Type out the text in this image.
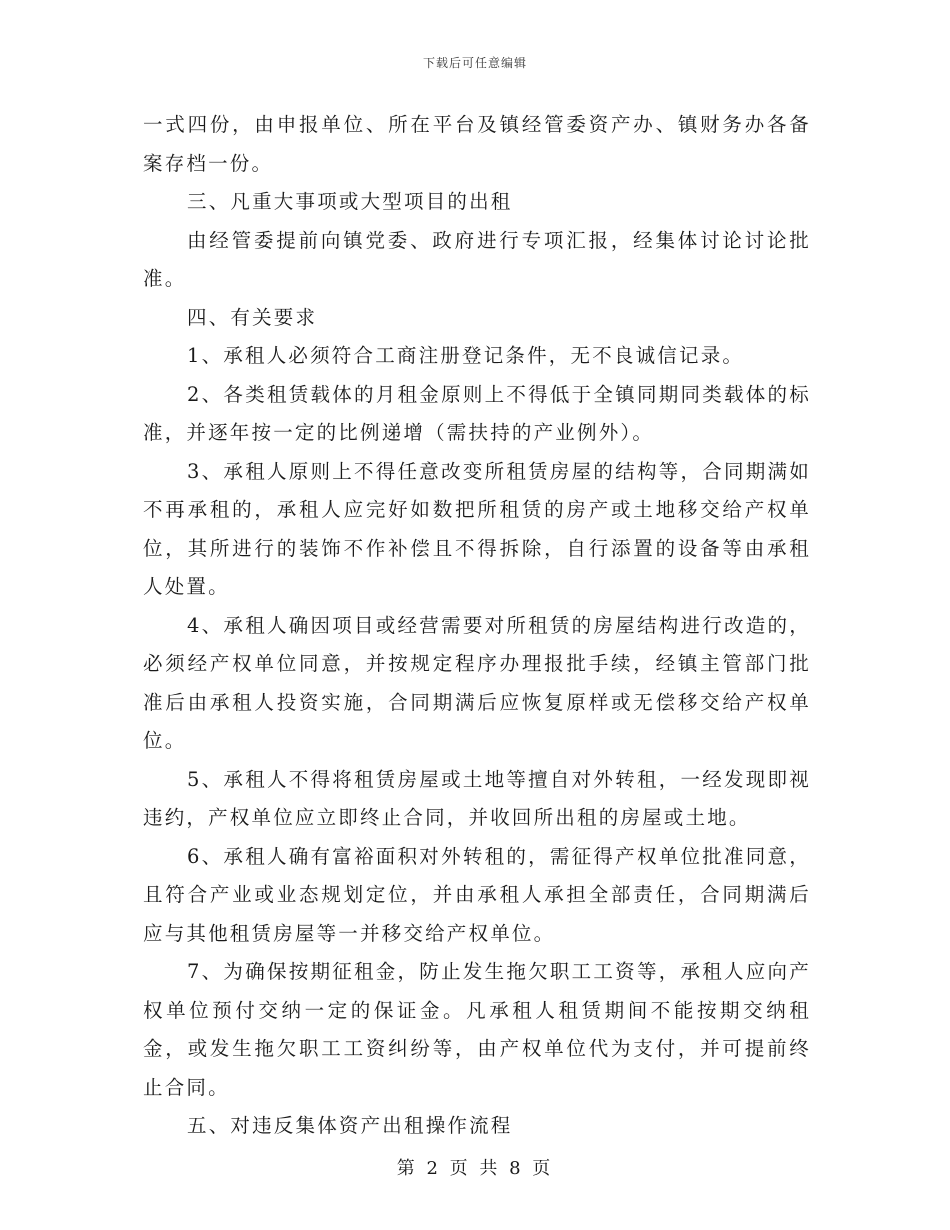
下载后可任意编辑

一式四份，由申报单位、所在平台及镇经管委资产办、镇财务办各备案存档一份。

三、凡重大事项或大型项目的出租

由经管委提前向镇党委、政府进行专项汇报，经集体讨论讨论批准。

四、有关要求

1、承租人必须符合工商注册登记条件，无不良诚信记录。

2、各类租赁载体的月租金原则上不得低于全镇同期同类载体的标准，并逐年按一定的比例递增（需扶持的产业例外）。

3、承租人原则上不得任意改变所租赁房屋的结构等，合同期满如不再承租的，承租人应完好如数把所租赁的房产或土地移交给产权单位，其所进行的装饰不作补偿且不得拆除，自行添置的设备等由承租人处置。

4、承租人确因项目或经营需要对所租赁的房屋结构进行改造的，必须经产权单位同意，并按规定程序办理报批手续，经镇主管部门批准后由承租人投资实施，合同期满后应恢复原样或无偿移交给产权单位。

5、承租人不得将租赁房屋或土地等擅自对外转租，一经发现即视违约，产权单位应立即终止合同，并收回所出租的房屋或土地。

6、承租人确有富裕面积对外转租的，需征得产权单位批准同意，且符合产业或业态规划定位，并由承租人承担全部责任，合同期满后应与其他租赁房屋等一并移交给产权单位。

7、为确保按期征租金，防止发生拖欠职工工资等，承租人应向产权单位预付交纳一定的保证金。凡承租人租赁期间不能按期交纳租金，或发生拖欠职工工资纠纷等，由产权单位代为支付，并可提前终止合同。

五、对违反集体资产出租操作流程

第 2 页 共 8 页
